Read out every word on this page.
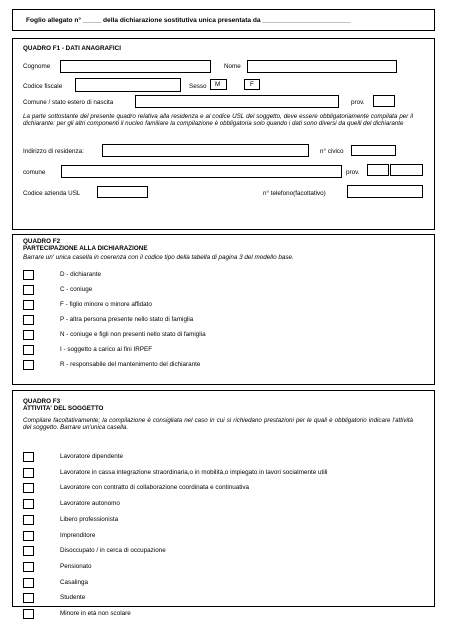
Foglio allegato n° _____ della dichiarazione sostitutiva unica presentata da ________________________
QUADRO F1 - DATI ANAGRAFICI
Cognome	Nome
Codice fiscale	Sesso M	F
Comune / stato estero di nascita	prov.
La parte sottostante del presente quadro relativa alla residenza e al codice USL del soggetto, deve essere obbligatoriamente compilata per il dichiarante: per gli altri componenti il nucleo familiare la compilazione è obbligatoria solo quando i dati sono diversi da quelli del dichiarante
Indirizzo di residenza:	n° civico
comune	prov.
Codice azienda USL	n° telefono(facoltativo)
QUADRO F2
PARTECIPAZIONE ALLA DICHIARAZIONE
Barrare un' unica casella in coerenza con il codice tipo della tabella di pagina 3 del modello base.
D - dichiarante
C - coniuge
F - figlio minore o minore affidato
P - altra persona presente nello stato di famiglia
N - coniuge e figli non presenti nello stato di famiglia
I - soggetto a carico ai fini IRPEF
R - responsabile del mantenimento del dichiarante
QUADRO F3
ATTIVITA' DEL SOGGETTO
Compilare facoltativamente; la compilazione è consigliata nel caso in cui si richiedano prestazioni per le quali è obbligatorio indicare l'attività del soggetto. Barrare un'unica casella.
Lavoratore dipendente
Lavoratore in cassa integrazione straordinaria,o in mobilità,o impiegato in lavori socialmente utili
Lavoratore con contratto di collaborazione coordinata e continuativa
Lavoratore autonomo
Libero professionista
Imprenditore
Disoccupato / in cerca di occupazione
Pensionato
Casalinga
Studente
Minore in età non scolare
